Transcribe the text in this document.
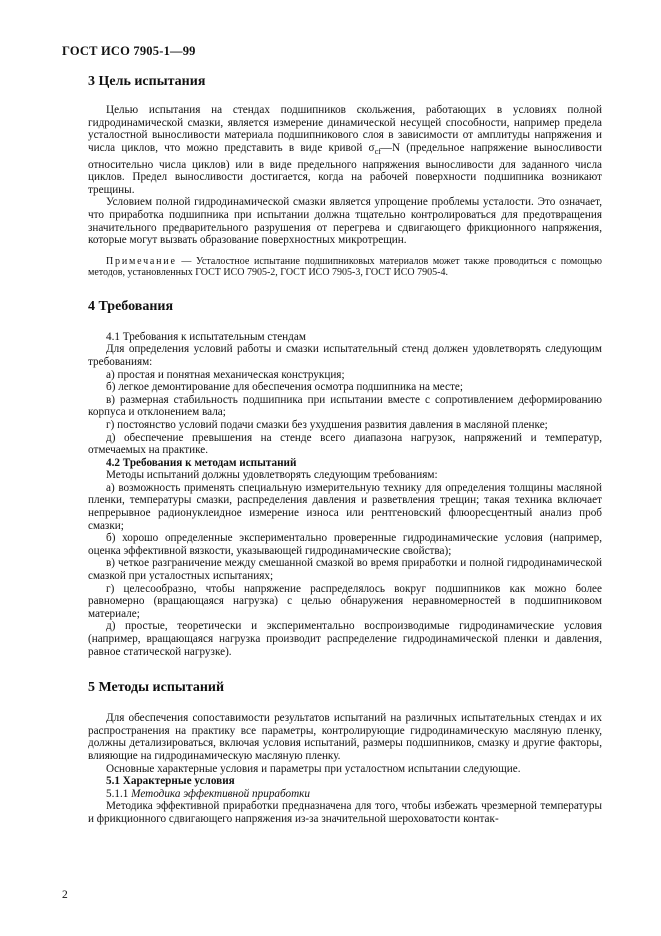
ГОСТ ИСО 7905-1—99
3 Цель испытания

Целью испытания на стендах подшипников скольжения, работающих в условиях полной гидродинамической смазки, является измерение динамической несущей способности, например предела усталостной выносливости материала подшипникового слоя в зависимости от амплитуды напряжения и числа циклов, что можно представить в виде кривой $\sigma_{cf}—N$ (предельное напряжение выносливости относительно числа циклов) или в виде предельного напряжения выносливости для заданного числа циклов. Предел выносливости достигается, когда на рабочей поверхности подшипника возникают трещины.

Условием полной гидродинамической смазки является упрощение проблемы усталости. Это означает, что приработка подшипника при испытании должна тщательно контролироваться для предотвращения значительного предварительного разрушения от перегрева и сдвигающего фрикционного напряжения, которые могут вызвать образование поверхностных микротрещин.

Примечание — Усталостное испытание подшипниковых материалов может также проводиться с помощью методов, установленных ГОСТ ИСО 7905-2, ГОСТ ИСО 7905-3, ГОСТ ИСО 7905-4.

4 Требования

4.1 Требования к испытательным стендам

Для определения условий работы и смазки испытательный стенд должен удовлетворять следующим требованиям:

а) простая и понятная механическая конструкция;

б) легкое демонтирование для обеспечения осмотра подшипника на месте;

в) размерная стабильность подшипника при испытании вместе с сопротивлением деформированию корпуса и отклонением вала;

г) постоянство условий подачи смазки без ухудшения развития давления в масляной пленке;

д) обеспечение превышения на стенде всего диапазона нагрузок, напряжений и температур, отмечаемых на практике.

4.2 Требования к методам испытаний

Методы испытаний должны удовлетворять следующим требованиям:

а) возможность применять специальную измерительную технику для определения толщины масляной пленки, температуры смазки, распределения давления и разветвления трещин; такая техника включает непрерывное радионуклеидное измерение износа или рентгеновский флюоресцентный анализ проб смазки;

б) хорошо определенные экспериментально проверенные гидродинамические условия (например, оценка эффективной вязкости, указывающей гидродинамические свойства);

в) четкое разграничение между смешанной смазкой во время приработки и полной гидродинамической смазкой при усталостных испытаниях;

г) целесообразно, чтобы напряжение распределялось вокруг подшипников как можно более равномерно (вращающаяся нагрузка) с целью обнаружения неравномерностей в подшипниковом материале;

д) простые, теоретически и экспериментально воспроизводимые гидродинамические условия (например, вращающаяся нагрузка производит распределение гидродинамической пленки и давления, равное статической нагрузке).

5 Методы испытаний

Для обеспечения сопоставимости результатов испытаний на различных испытательных стендах и их распространения на практику все параметры, контролирующие гидродинамическую масляную пленку, должны детализироваться, включая условия испытаний, размеры подшипников, смазку и другие факторы, влияющие на гидродинамическую масляную пленку.

Основные характерные условия и параметры при усталостном испытании следующие.

5.1 Характерные условия

5.1.1 Методика эффективной приработки

Методика эффективной приработки предназначена для того, чтобы избежать чрезмерной температуры и фрикционного сдвигающего напряжения из-за значительной шероховатости контак-

2
